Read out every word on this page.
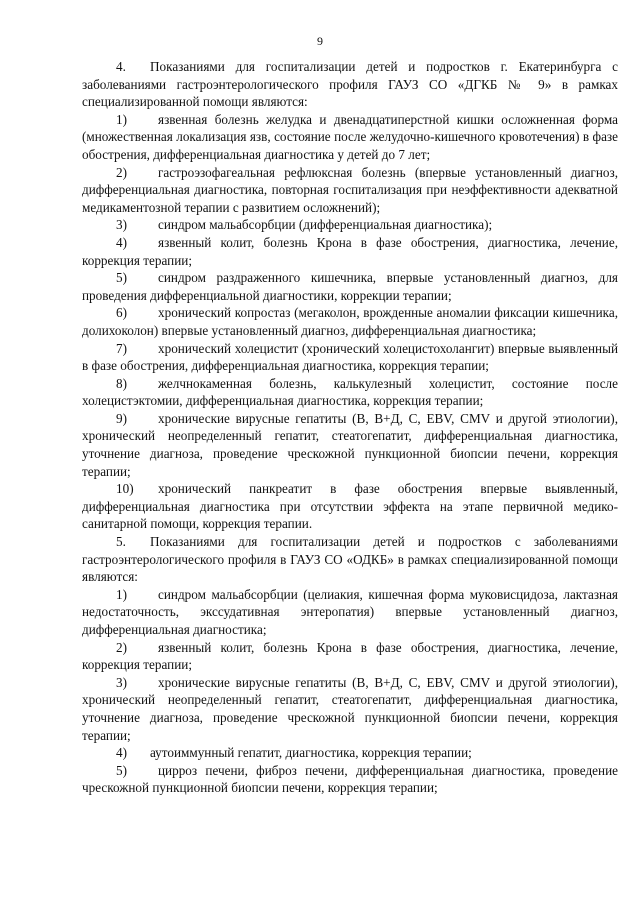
9

4. Показаниями для госпитализации детей и подростков г. Екатеринбурга с заболеваниями гастроэнтерологического профиля ГАУЗ СО «ДГКБ № 9» в рамках специализированной помощи являются:

1) язвенная болезнь желудка и двенадцатиперстной кишки осложненная форма (множественная локализация язв, состояние после желудочно-кишечного кровотечения) в фазе обострения, дифференциальная диагностика у детей до 7 лет;

2) гастроэзофагеальная рефлюксная болезнь (впервые установленный диагноз, дифференциальная диагностика, повторная госпитализация при неэффективности адекватной медикаментозной терапии с развитием осложнений);

3) синдром мальабсорбции (дифференциальная диагностика);

4) язвенный колит, болезнь Крона в фазе обострения, диагностика, лечение, коррекция терапии;

5) синдром раздраженного кишечника, впервые установленный диагноз, для проведения дифференциальной диагностики, коррекции терапии;

6) хронический копростаз (мегаколон, врожденные аномалии фиксации кишечника, долихоколон) впервые установленный диагноз, дифференциальная диагностика;

7) хронический холецистит (хронический холецистохолангит) впервые выявленный в фазе обострения, дифференциальная диагностика, коррекция терапии;

8) желчнокаменная болезнь, калькулезный холецистит, состояние после холецистэктомии, дифференциальная диагностика, коррекция терапии;

9) хронические вирусные гепатиты (B, B+Д, C, EBV, CMV и другой этиологии), хронический неопределенный гепатит, стеатогепатит, дифференциальная диагностика, уточнение диагноза, проведение чрескожной пункционной биопсии печени, коррекция терапии;

10) хронический панкреатит в фазе обострения впервые выявленный, дифференциальная диагностика при отсутствии эффекта на этапе первичной медико-санитарной помощи, коррекция терапии.

5. Показаниями для госпитализации детей и подростков с заболеваниями гастроэнтерологического профиля в ГАУЗ СО «ОДКБ» в рамках специализированной помощи являются:

1) синдром мальабсорбции (целиакия, кишечная форма муковисцидоза, лактазная недостаточность, экссудативная энтеропатия) впервые установленный диагноз, дифференциальная диагностика;

2) язвенный колит, болезнь Крона в фазе обострения, диагностика, лечение, коррекция терапии;

3) хронические вирусные гепатиты (B, B+Д, C, EBV, CMV и другой этиологии), хронический неопределенный гепатит, стеатогепатит, дифференциальная диагностика, уточнение диагноза, проведение чрескожной пункционной биопсии печени, коррекция терапии;

4) аутоиммунный гепатит, диагностика, коррекция терапии;

5) цирроз печени, фиброз печени, дифференциальная диагностика, проведение чрескожной пункционной биопсии печени, коррекция терапии;
